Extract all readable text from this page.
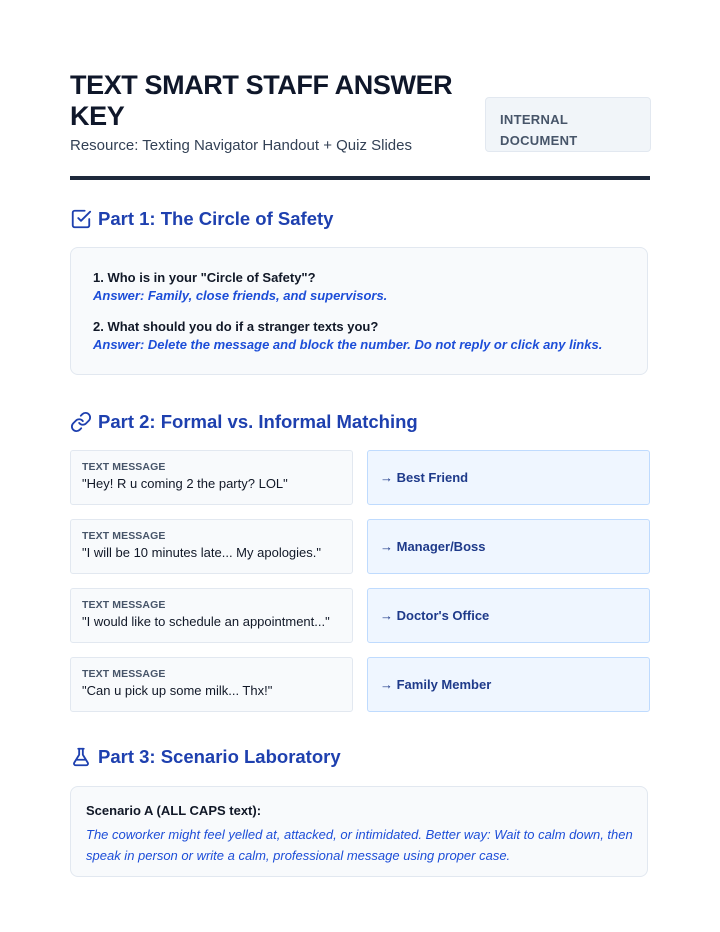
TEXT SMART STAFF ANSWER KEY
Resource: Texting Navigator Handout + Quiz Slides
INTERNAL
DOCUMENT
Part 1: The Circle of Safety
1. Who is in your "Circle of Safety"?
Answer: Family, close friends, and supervisors.
2. What should you do if a stranger texts you?
Answer: Delete the message and block the number. Do not reply or click any links.
Part 2: Formal vs. Informal Matching
TEXT MESSAGE
"Hey! R u coming 2 the party? LOL"	→ Best Friend
TEXT MESSAGE
"I will be 10 minutes late... My apologies."	→ Manager/Boss
TEXT MESSAGE
"I would like to schedule an appointment..."	→ Doctor's Office
TEXT MESSAGE
"Can u pick up some milk... Thx!"	→ Family Member
Part 3: Scenario Laboratory
Scenario A (ALL CAPS text):
The coworker might feel yelled at, attacked, or intimidated. Better way: Wait to calm down, then speak in person or write a calm, professional message using proper case.
